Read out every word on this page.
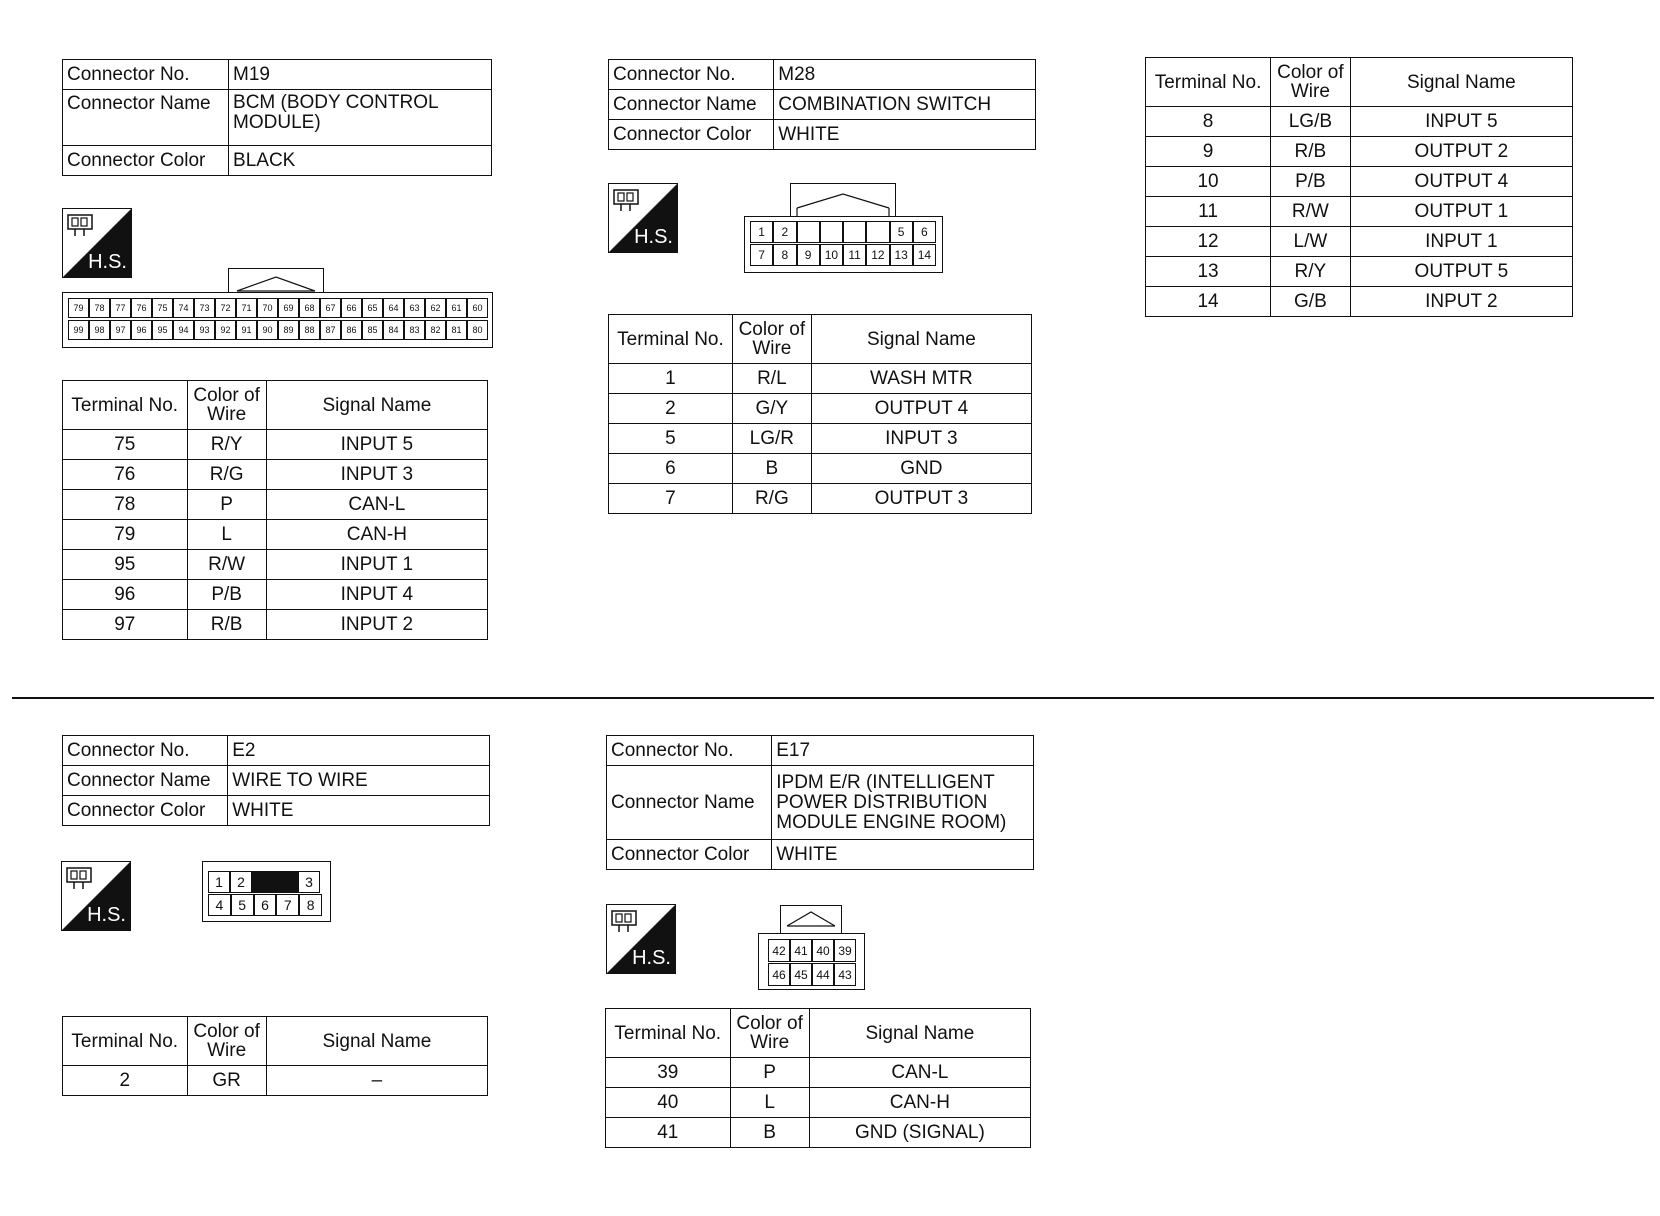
Connector No.	M19
Connector Name	BCM (BODY CONTROL MODULE)
Connector Color	BLACK
H.S.
79	78	77	76	75	74	73	72	71	70	69	68	67	66	65	64	63	62	61	60
99	98	97	96	95	94	93	92	91	90	89	88	87	86	85	84	83	82	81	80
Terminal No.	Color of Wire	Signal Name
75	R/Y	INPUT 5
76	R/G	INPUT 3
78	P	CAN-L
79	L	CAN-H
95	R/W	INPUT 1
96	P/B	INPUT 4
97	R/B	INPUT 2
Connector No.	M28
Connector Name	COMBINATION SWITCH
Connector Color	WHITE
H.S.	1	2	5	6
7	8	9	10 11 12 13 14
Terminal No.	Color of Wire	Signal Name
1	R/L	WASH MTR
2	G/Y	OUTPUT 4
5	LG/R	INPUT 3
6	B	GND
7	R/G	OUTPUT 3
Terminal No.	Color of Wire	Signal Name
8	LG/B	INPUT 5
9	R/B	OUTPUT 2
10	P/B	OUTPUT 4
11	R/W	OUTPUT 1
12	L/W	INPUT 1
13	R/Y	OUTPUT 5
14	G/B	INPUT 2
Connector No.	E2
Connector Name	WIRE TO WIRE
Connector Color	WHITE
H.S.
1	2	3
4	5	6	7	8
Terminal No.	Color of Wire	Signal Name
2	GR	–
Connector No.	E17
Connector Name	IPDM E/R (INTELLIGENT POWER DISTRIBUTION MODULE ENGINE ROOM)
Connector Color	WHITE
H.S.	42 41 40 39
46 45 44 43
Terminal No.	Color of Wire	Signal Name
39	P	CAN-L
40	L	CAN-H
41	B	GND (SIGNAL)
